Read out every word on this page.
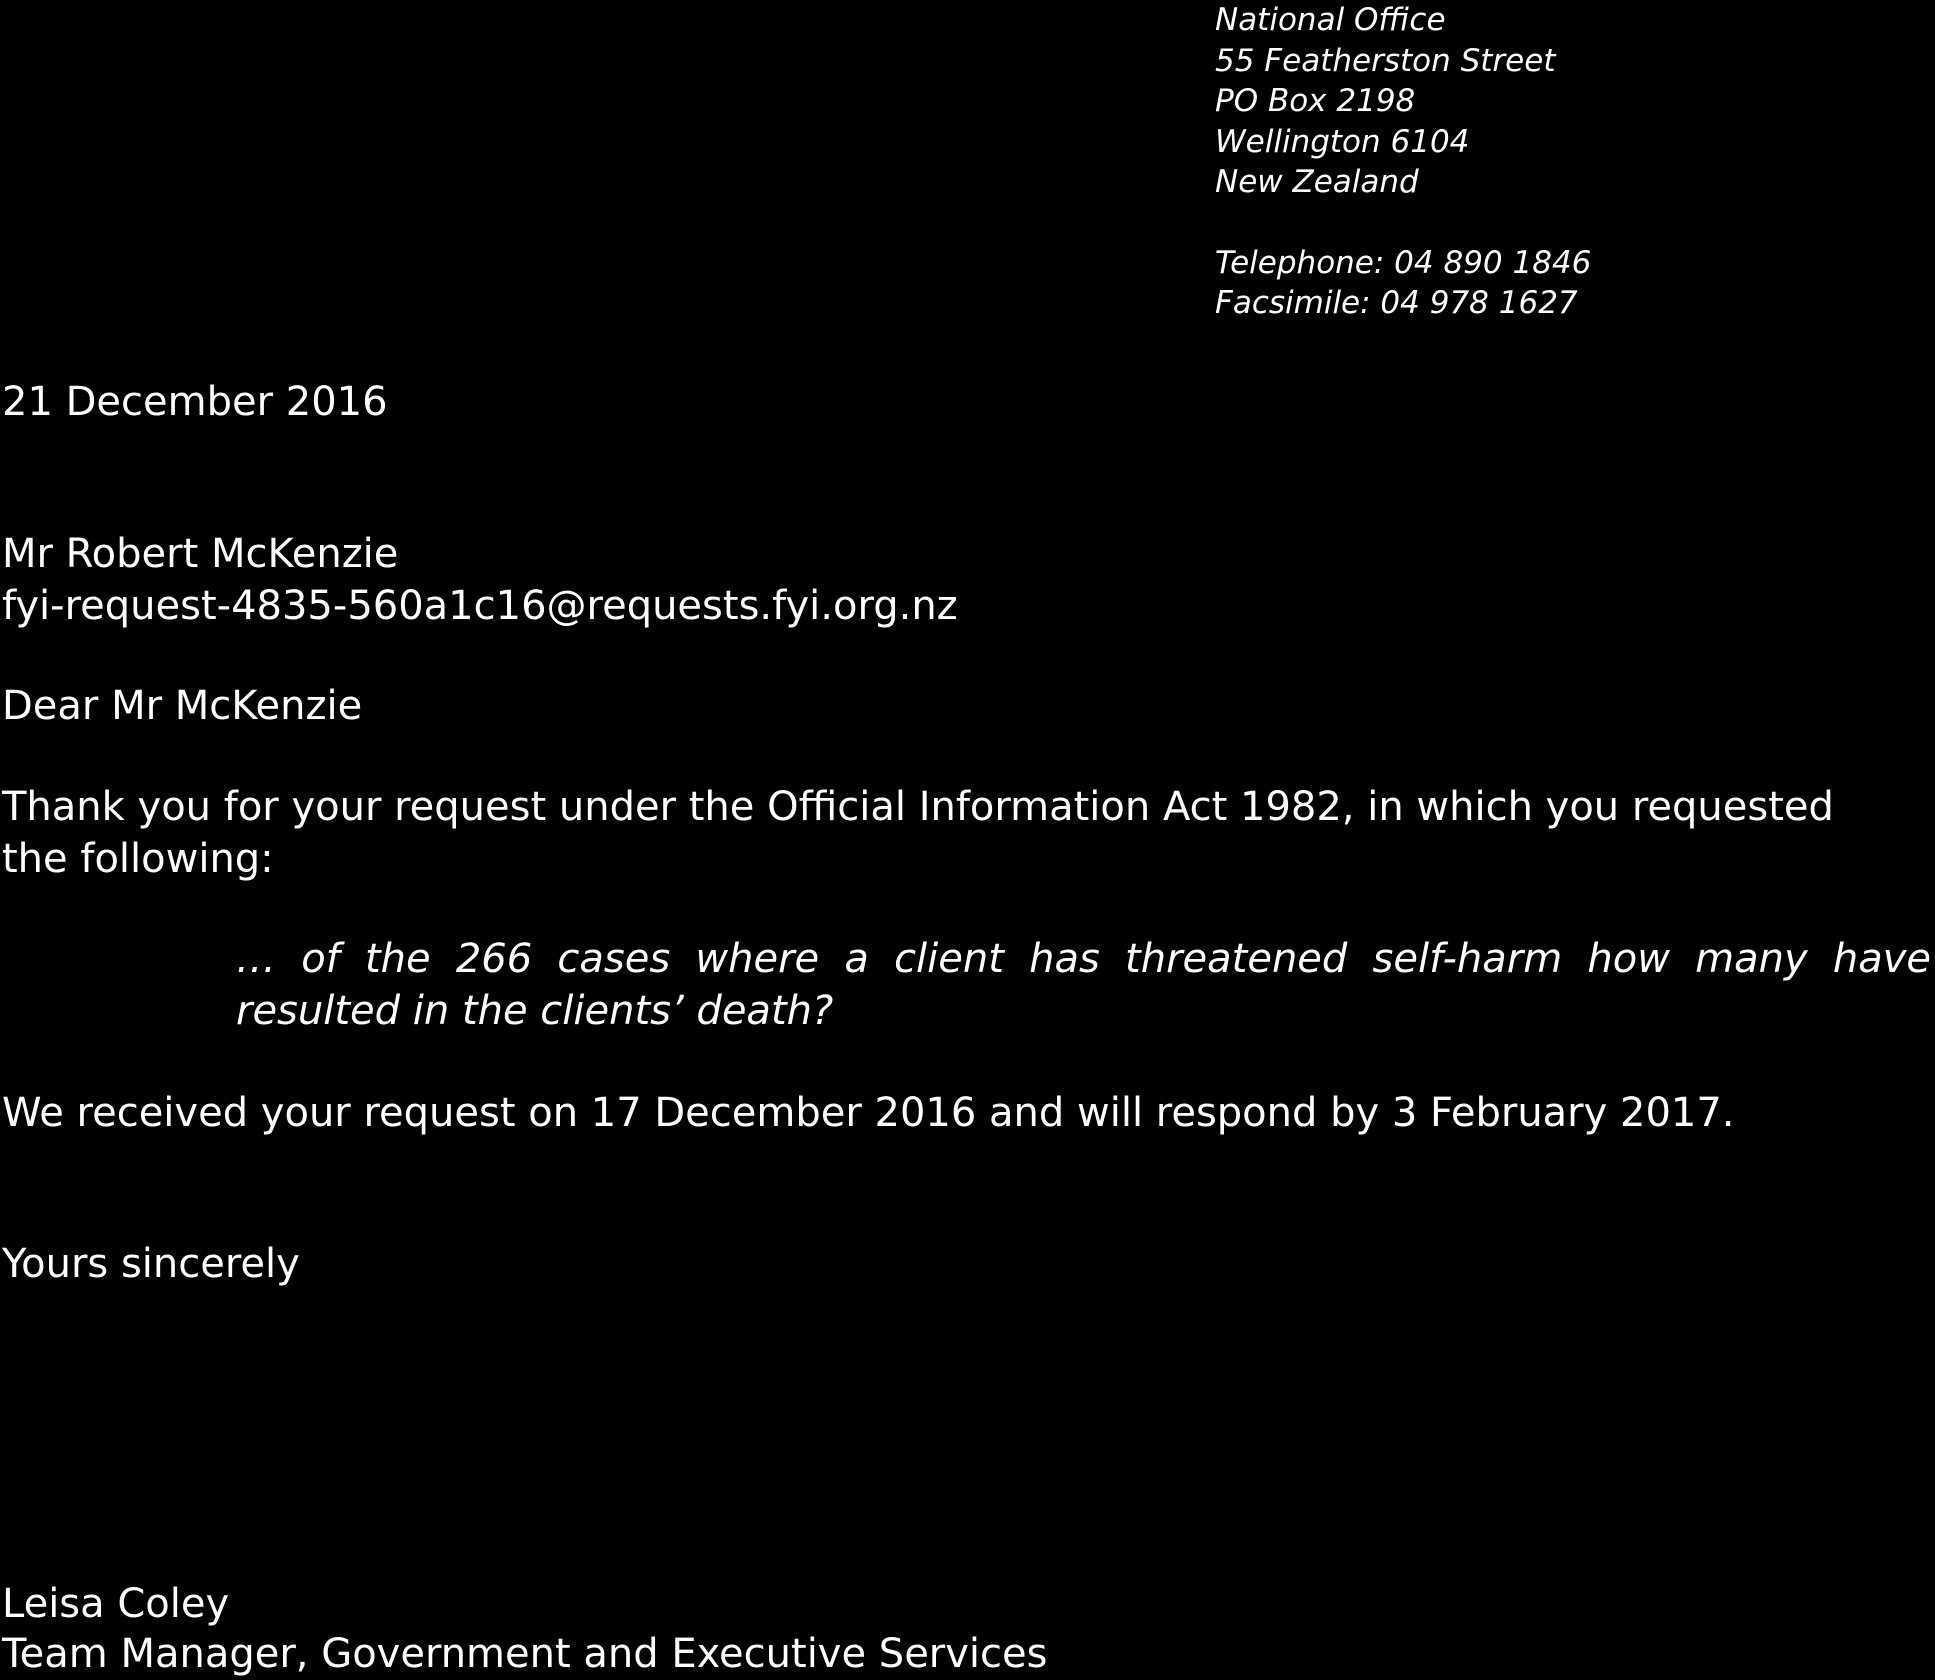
National Office
55 Featherston Street
PO Box 2198
Wellington 6104
New Zealand
Telephone: 04 890 1846
Facsimile: 04 978 1627
21 December 2016
Mr Robert McKenzie
fyi-request-4835-560a1c16@requests.fyi.org.nz
Dear Mr McKenzie
Thank you for your request under the Official Information Act 1982, in which you requested
the following:
… of the 266 cases where a client has threatened self-harm how many have
resulted in the clients’ death?
We received your request on 17 December 2016 and will respond by 3 February 2017.
Yours sincerely
Leisa Coley
Team Manager, Government and Executive Services
